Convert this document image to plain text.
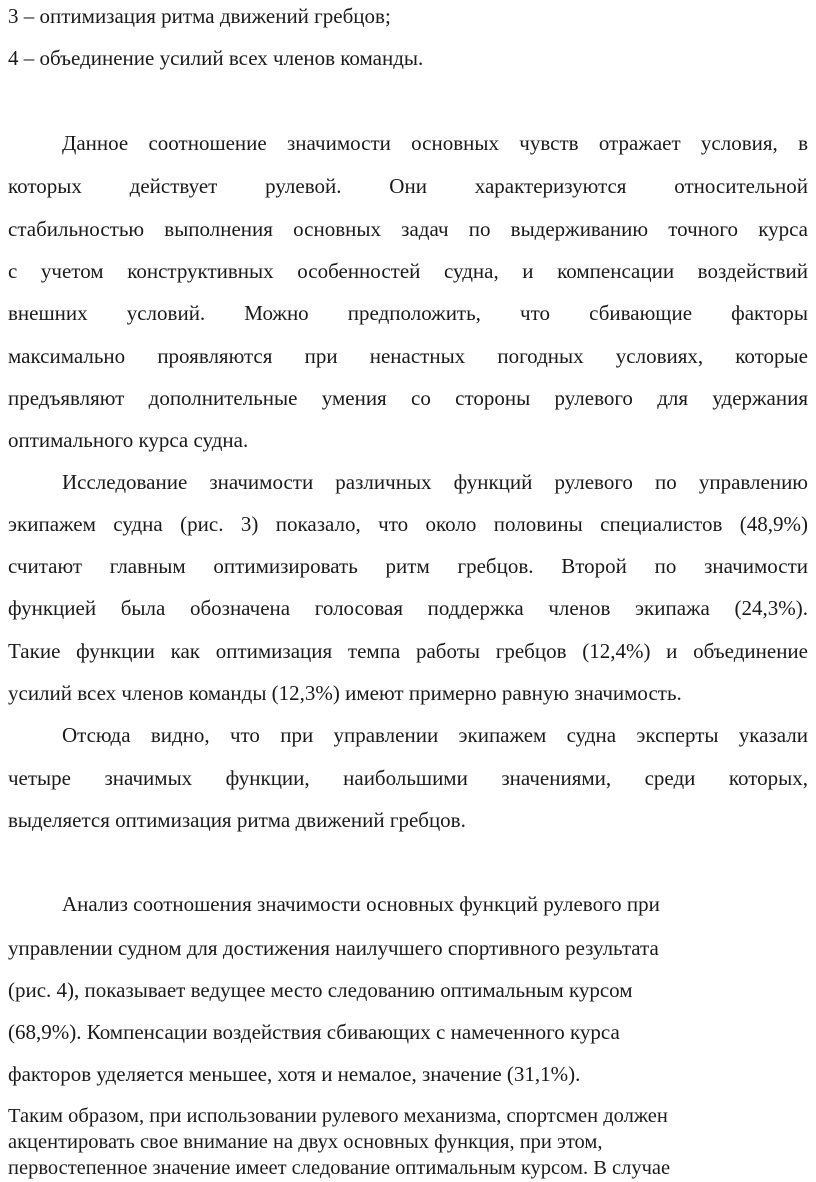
3 – оптимизация ритма движений гребцов;
4 – объединение усилий всех членов команды.
Данное соотношение значимости основных чувств отражает условия, в
которых действует рулевой. Они характеризуются относительной
стабильностью выполнения основных задач по выдерживанию точного курса
с учетом конструктивных особенностей судна, и компенсации воздействий
внешних условий. Можно предположить, что сбивающие факторы
максимально проявляются при ненастных погодных условиях, которые
предъявляют дополнительные умения со стороны рулевого для удержания
оптимального курса судна.
Исследование значимости различных функций рулевого по управлению
экипажем судна (рис. 3) показало, что около половины специалистов (48,9%)
считают главным оптимизировать ритм гребцов. Второй по значимости
функцией была обозначена голосовая поддержка членов экипажа (24,3%).
Такие функции как оптимизация темпа работы гребцов (12,4%) и объединение
усилий всех членов команды (12,3%) имеют примерно равную значимость.
Отсюда видно, что при управлении экипажем судна эксперты указали
четыре значимых функции, наибольшими значениями, среди которых,
выделяется оптимизация ритма движений гребцов.
Анализ соотношения значимости основных функций рулевого при
управлении судном для достижения наилучшего спортивного результата
(рис. 4), показывает ведущее место следованию оптимальным курсом
(68,9%). Компенсации воздействия сбивающих с намеченного курса
факторов уделяется меньшее, хотя и немалое, значение (31,1%).
Таким образом, при использовании рулевого механизма, спортсмен должен
акцентировать свое внимание на двух основных функция, при этом,
первостепенное значение имеет следование оптимальным курсом. В случае
